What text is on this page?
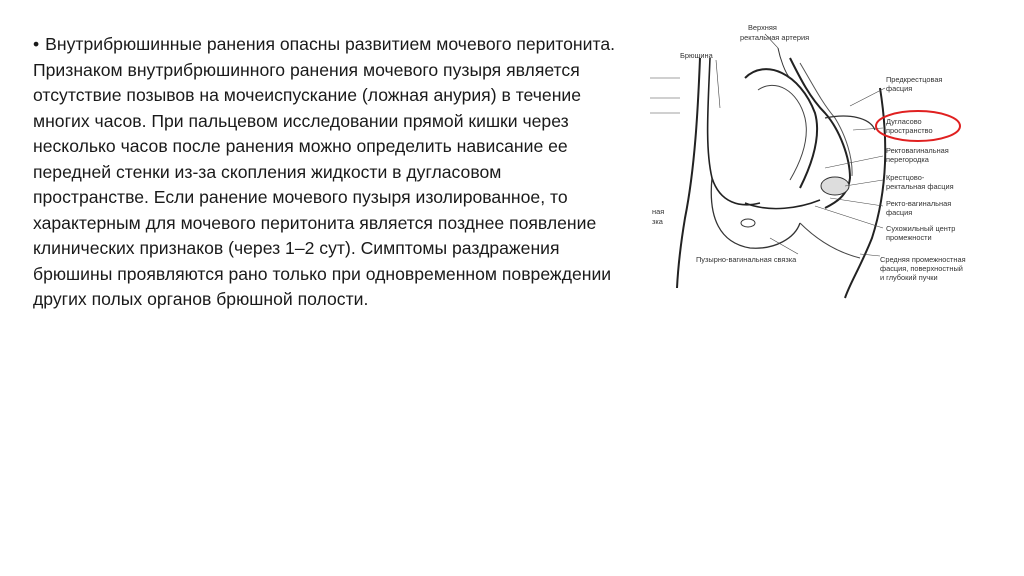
• Внутрибрюшинные ранения опасны развитием мочевого перитонита. Признаком внутрибрюшинного ранения мочевого пузыря является отсутствие позывов на мочеиспускание (ложная анурия) в течение многих часов. При пальцевом исследовании прямой кишки через несколько часов после ранения можно определить нависание ее передней стенки из-за скопления жидкости в дугласовом пространстве. Если ранение мочевого пузыря изолированное, то характерным для мочевого перитонита является позднее появление клинических признаков (через 1–2 сут). Симптомы раздражения брюшины проявляются рано только при одновременном повреждении других полых органов брюшной полости.

Верхняя
ректальная артерия
Брюшина
Предкрестцовая
фасция
Дугласово
пространство
Ректовагинальная
перегородка
Крестцово-
ректальная фасция
Ректо-вагинальная
фасция
Сухожильный центр
промежности
Пузырно-вагинальная связка	Средняя промежностная
фасция, поверхностный
и глубокий пучки
ная
зка
